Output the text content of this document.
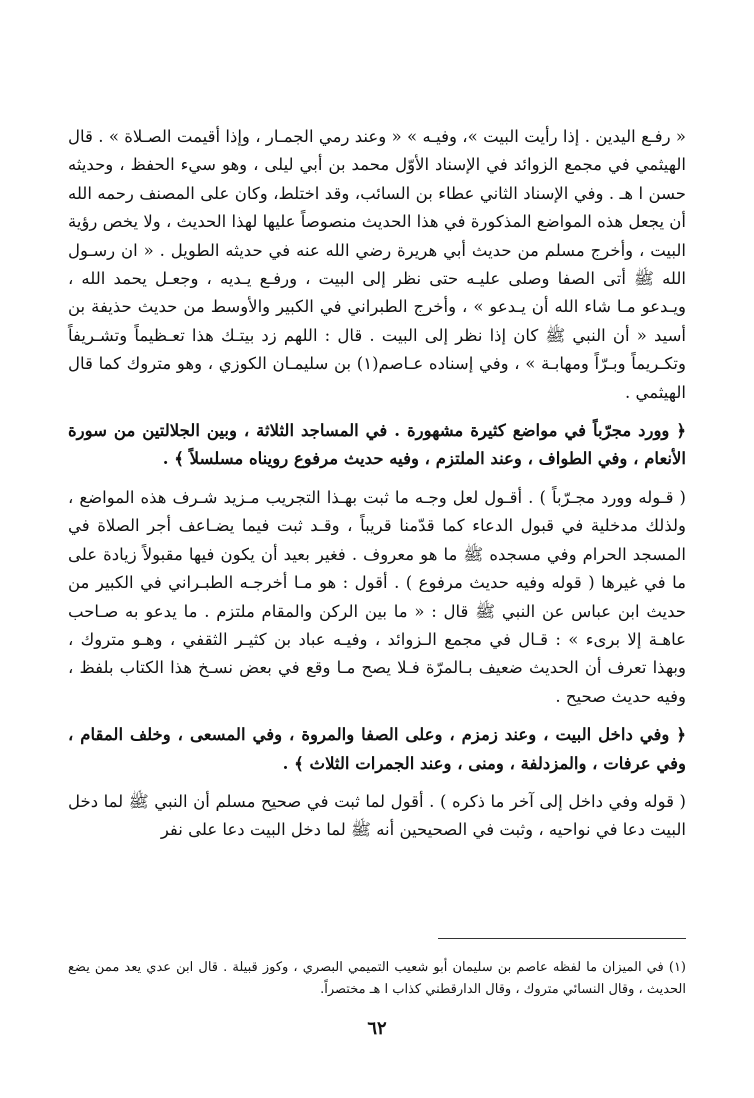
« رفـع اليدين . إذا رأيت البيت »، وفيـه » « وعند رمي الجمـار ، وإذا أقيمت الصـلاة » . قال الهيثمي في مجمع الزوائد في الإسناد الأوّل محمد بن أبي ليلى ، وهو سيء الحفظ ، وحديثه حسن ا هـ . وفي الإسناد الثاني عطاء بن السائب، وقد اختلط، وكان على المصنف رحمه الله أن يجعل هذه المواضع المذكورة في هذا الحديث منصوصاً عليها لهذا الحديث ، ولا يخص رؤية البيت ، وأخرج مسلم من حديث أبي هريرة رضي الله عنه في حديثه الطويل . « ان رسـول الله ﷺ أتى الصفا وصلى عليـه حتى نظر إلى البيت ، ورفـع يـديه ، وجعـل يحمد الله ، ويـدعو مـا شاء الله أن يـدعو » ، وأخرج الطبراني في الكبير والأوسط من حديث حذيفة بن أسيد « أن النبي ﷺ كان إذا نظر إلى البيت . قال : اللهم زد بيتـك هذا تعـظيماً وتشـريفاً وتكـريماً وبـرّاً ومهابـة » ، وفي إسناده عـاصم(١) بن سليمـان الكوزي ، وهو متروك كما قال الهيثمي .

﴿ وورد مجرّباً في مواضع كثيرة مشهورة . في المساجد الثلاثة ، وبين الجلالتين من سورة الأنعام ، وفي الطواف ، وعند الملتزم ، وفيه حديث مرفوع رويناه مسلسلاً ﴾ .

( قـوله وورد مجـرّباً ) . أقـول لعل وجـه ما ثبت بهـذا التجريب مـزيد شـرف هذه المواضع ، ولذلك مدخلية في قبول الدعاء كما قدّمنا قريباً ، وقـد ثبت فيما يضـاعف أجر الصلاة في المسجد الحرام وفي مسجده ﷺ ما هو معروف . فغير بعيد أن يكون فيها مقبولاً زيادة على ما في غيرها ( قوله وفيه حديث مرفوع ) . أقول : هو مـا أخرجـه الطبـراني في الكبير من حديث ابن عباس عن النبي ﷺ قال : « ما بين الركن والمقام ملتزم . ما يدعو به صـاحب عاهـة إلا برىء » : قـال في مجمع الـزوائد ، وفيـه عباد بن كثيـر الثقفي ، وهـو متروك ، وبهذا تعرف أن الحديث ضعيف بـالمرّة فـلا يصح مـا وقع في بعض نسـخ هذا الكتاب بلفظ ، وفيه حديث صحيح .

﴿ وفي داخل البيت ، وعند زمزم ، وعلى الصفا والمروة ، وفي المسعى ، وخلف المقام ، وفي عرفات ، والمزدلفة ، ومنى ، وعند الجمرات الثلاث ﴾ .

( قوله وفي داخل إلى آخر ما ذكره ) . أقول لما ثبت في صحيح مسلم أن النبي ﷺ لما دخل البيت دعا في نواحيه ، وثبت في الصحيحين أنه ﷺ لما دخل البيت دعا على نفر

(١) في الميزان ما لفظه عاصم بن سليمان أبو شعيب التميمي البصري ، وكوز قبيلة . قال ابن عدي يعد ممن يضع الحديث ، وقال النسائي متروك ، وقال الدارقطني كذاب ا هـ مختصراً.

٦٢
